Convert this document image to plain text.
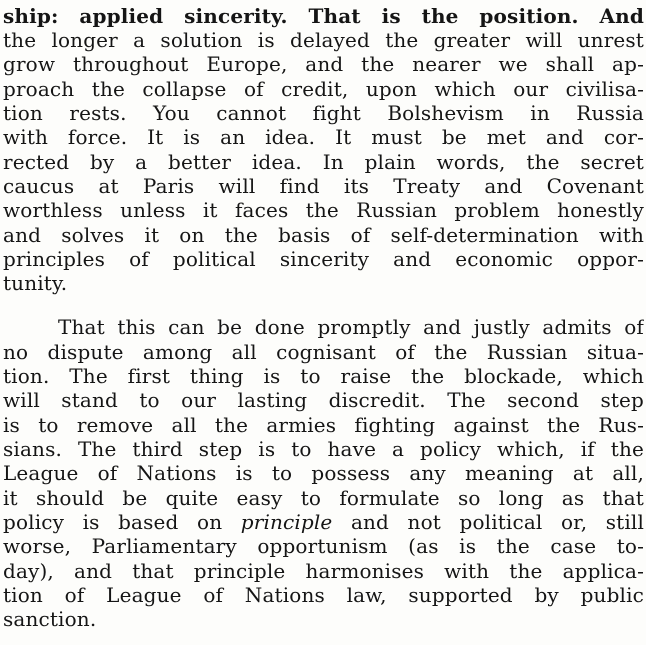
ship: applied sincerity. That is the position. And
the longer a solution is delayed the greater will unrest
grow throughout Europe, and the nearer we shall ap-
proach the collapse of credit, upon which our civilisa-
tion rests. You cannot fight Bolshevism in Russia
with force. It is an idea. It must be met and cor-
rected by a better idea. In plain words, the secret
caucus at Paris will find its Treaty and Covenant
worthless unless it faces the Russian problem honestly
and solves it on the basis of self-determination with
principles of political sincerity and economic oppor-
tunity.
That this can be done promptly and justly admits of
no dispute among all cognisant of the Russian situa-
tion. The first thing is to raise the blockade, which
will stand to our lasting discredit. The second step
is to remove all the armies fighting against the Rus-
sians. The third step is to have a policy which, if the
League of Nations is to possess any meaning at all,
it should be quite easy to formulate so long as that
policy is based on principle and not political or, still
worse, Parliamentary opportunism (as is the case to-
day), and that principle harmonises with the applica-
tion of League of Nations law, supported by public
sanction.
